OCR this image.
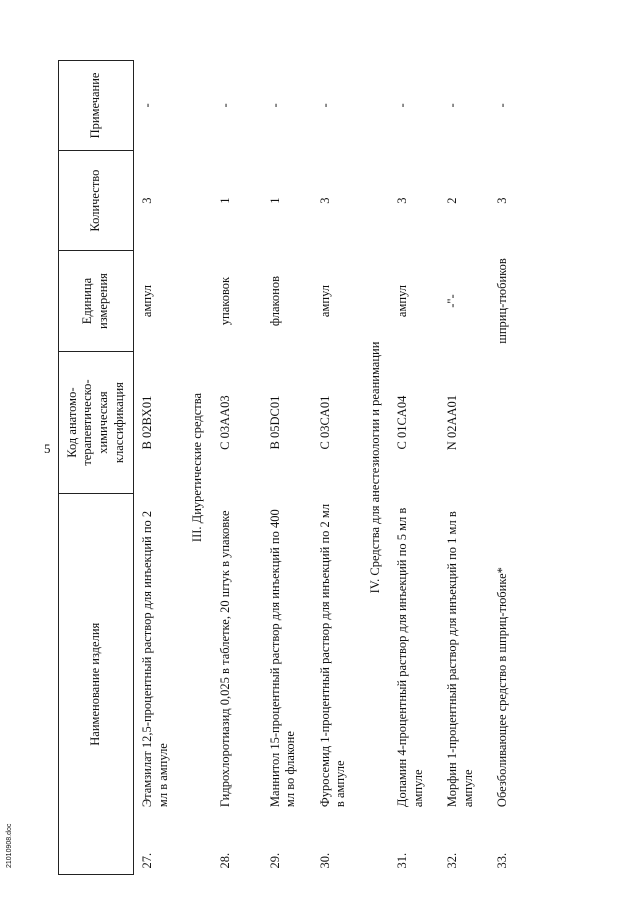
5
Наименование изделия		Код анатомо-терапевтическо-химическая классификация	Единица измерения	Количество	Примечание
27.	Этамзилат 12,5-процентный раствор для инъекций по 2 мл в ампуле	B 02BX01	ампул	3	-
III. Диуретические средства					
28.	Гидрохлоротиазид 0,025 в таблетке, 20 штук в упаковке	C 03AA03	упаковок	1	-
29.	Маннитол 15-процентный раствор для инъекций по 400 мл во флаконе	B 05DC01	флаконов	1	-
30.	Фуросемид 1-процентный раствор для инъекций по 2 мл в ампуле	C 03CA01	ампул	3	-
IV. Средства для анестезиологии и реанимации					
31.	Допамин 4-процентный раствор для инъекций по 5 мл в ампуле	C 01CA04	ампул	3	-
32.	Морфин 1-процентный раствор для инъекций по 1 мл в ампуле	N 02AA01	-"-	2	-
33.	Обезболивающее средство в шприц-тюбике*		шприц-тюбиков	3	-
21010908.doc
